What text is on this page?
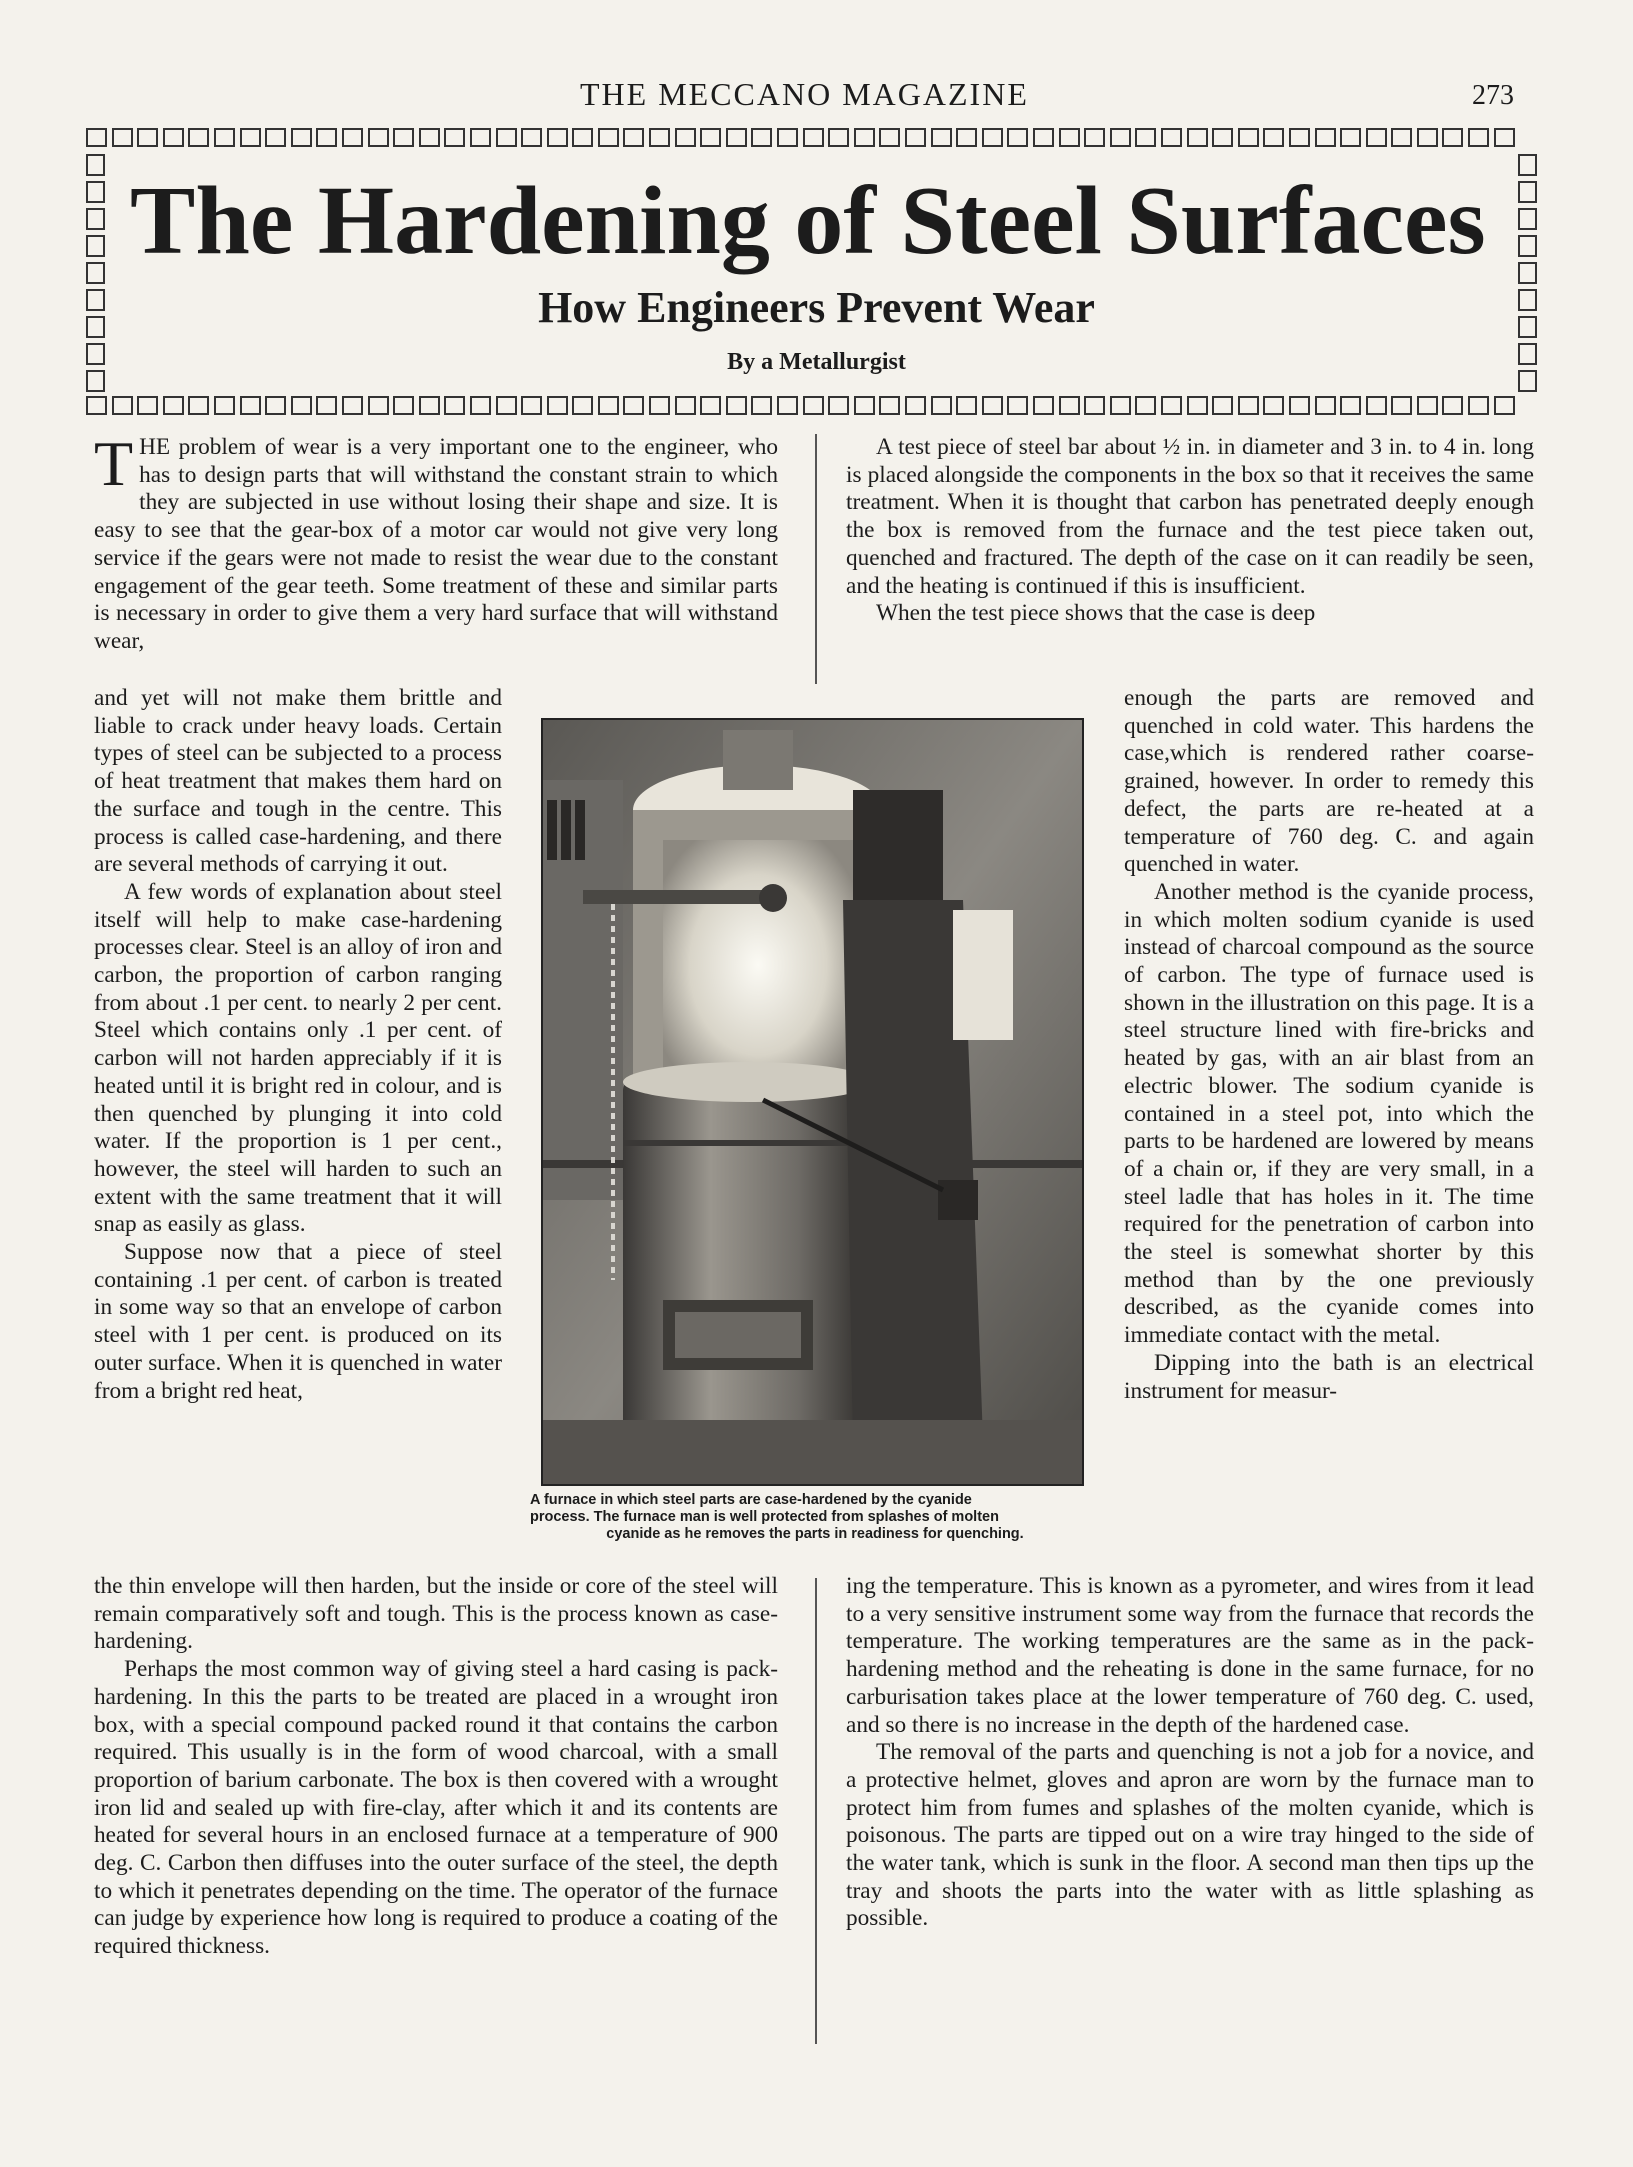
THE MECCANO MAGAZINE	273
The Hardening of Steel Surfaces
How Engineers Prevent Wear
By a Metallurgist

THE problem of wear is a very important one to the engineer, who has to design parts that will withstand the constant strain to which they are subjected in use without losing their shape and size. It is easy to see that the gear-box of a motor car would not give very long service if the gears were not made to resist the wear due to the constant engagement of the gear teeth. Some treatment of these and similar parts is necessary in order to give them a very hard surface that will withstand wear,

and yet will not make them brittle and liable to crack under heavy loads. Certain types of steel can be subjected to a process of heat treatment that makes them hard on the surface and tough in the centre. This process is called case-hardening, and there are several methods of carrying it out.

A few words of explanation about steel itself will help to make case-hardening processes clear. Steel is an alloy of iron and carbon, the proportion of carbon ranging from about .1 per cent. to nearly 2 per cent. Steel which contains only .1 per cent. of carbon will not harden appreciably if it is heated until it is bright red in colour, and is then quenched by plunging it into cold water. If the proportion is 1 per cent., however, the steel will harden to such an extent with the same treatment that it will snap as easily as glass.

Suppose now that a piece of steel containing .1 per cent. of carbon is treated in some way so that an envelope of carbon steel with 1 per cent. is produced on its outer surface. When it is quenched in water from a bright red heat,

the thin envelope will then harden, but the inside or core of the steel will remain comparatively soft and tough. This is the process known as case-hardening.

Perhaps the most common way of giving steel a hard casing is pack-hardening. In this the parts to be treated are placed in a wrought iron box, with a special compound packed round it that contains the carbon required. This usually is in the form of wood charcoal, with a small proportion of barium carbonate. The box is then covered with a wrought iron lid and sealed up with fire-clay, after which it and its contents are heated for several hours in an enclosed furnace at a temperature of 900 deg. C. Carbon then diffuses into the outer surface of the steel, the depth to which it penetrates depending on the time. The operator of the furnace can judge by experience how long is required to produce a coating of the required thickness.

A test piece of steel bar about ½ in. in diameter and 3 in. to 4 in. long is placed alongside the components in the box so that it receives the same treatment. When it is thought that carbon has penetrated deeply enough the box is removed from the furnace and the test piece taken out, quenched and fractured. The depth of the case on it can readily be seen, and the heating is continued if this is insufficient.

When the test piece shows that the case is deep

enough the parts are removed and quenched in cold water. This hardens the case,which is rendered rather coarse-grained, however. In order to remedy this defect, the parts are re-heated at a temperature of 760 deg. C. and again quenched in water.

Another method is the cyanide process, in which molten sodium cyanide is used instead of charcoal compound as the source of carbon. The type of furnace used is shown in the illustration on this page. It is a steel structure lined with fire-bricks and heated by gas, with an air blast from an electric blower. The sodium cyanide is contained in a steel pot, into which the parts to be hardened are lowered by means of a chain or, if they are very small, in a steel ladle that has holes in it. The time required for the penetration of carbon into the steel is somewhat shorter by this method than by the one previously described, as the cyanide comes into immediate contact with the metal.

Dipping into the bath is an electrical instrument for measur-

ing the temperature. This is known as a pyrometer, and wires from it lead to a very sensitive instrument some way from the furnace that records the temperature. The working temperatures are the same as in the pack-hardening method and the reheating is done in the same furnace, for no carburisation takes place at the lower temperature of 760 deg. C. used, and so there is no increase in the depth of the hardened case.

The removal of the parts and quenching is not a job for a novice, and a protective helmet, gloves and apron are worn by the furnace man to protect him from fumes and splashes of the molten cyanide, which is poisonous. The parts are tipped out on a wire tray hinged to the side of the water tank, which is sunk in the floor. A second man then tips up the tray and shoots the parts into the water with as little splashing as possible.

A furnace in which steel parts are case-hardened by the cyanide
process. The furnace man is well protected from splashes of molten
cyanide as he removes the parts in readiness for quenching.
